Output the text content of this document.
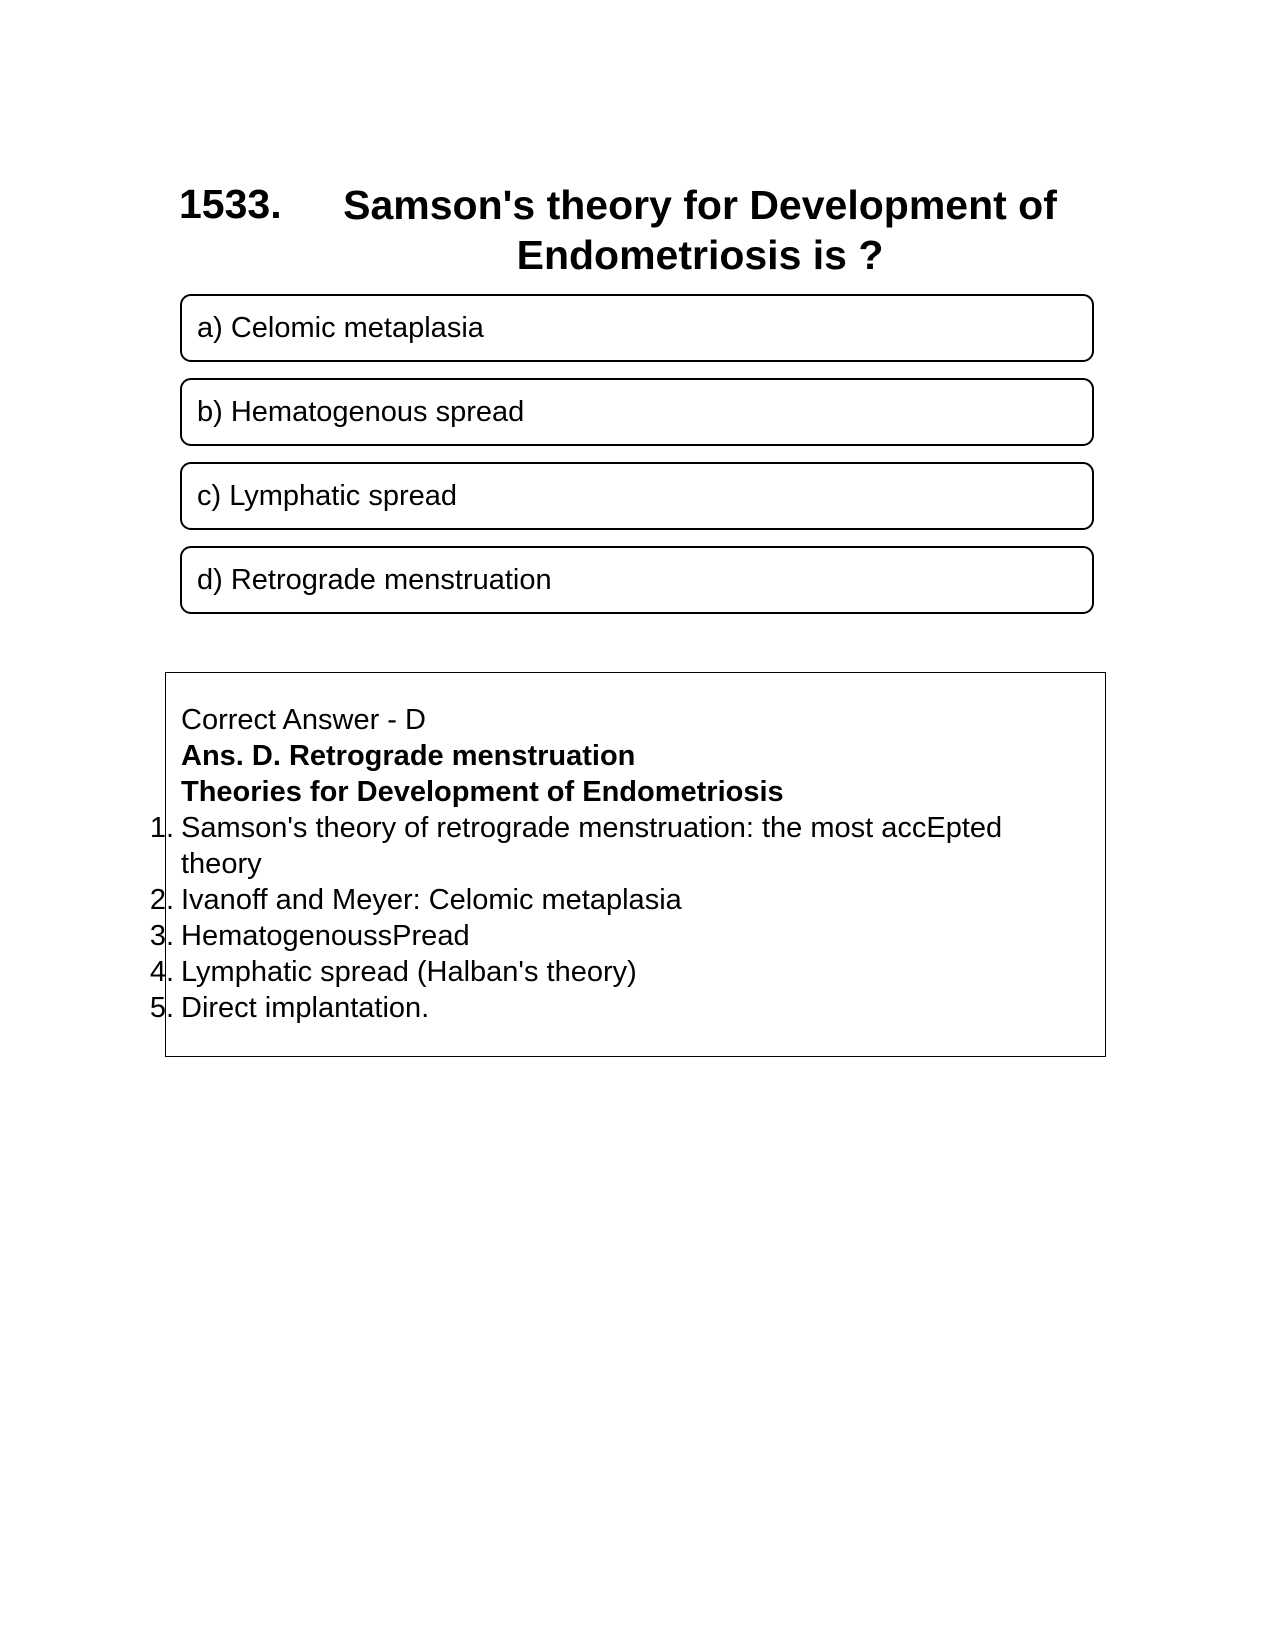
1533.	Samson's theory for Development of Endometriosis is ?
a) Celomic metaplasia
b) Hematogenous spread
c) Lymphatic spread
d) Retrograde menstruation
Correct Answer - D
Ans. D. Retrograde menstruation
Theories for Development of Endometriosis
1. Samson's theory of retrograde menstruation: the most accEpted theory
2. Ivanoff and Meyer: Celomic metaplasia
3. HematogenoussPread
4. Lymphatic spread (Halban's theory)
5. Direct implantation.
